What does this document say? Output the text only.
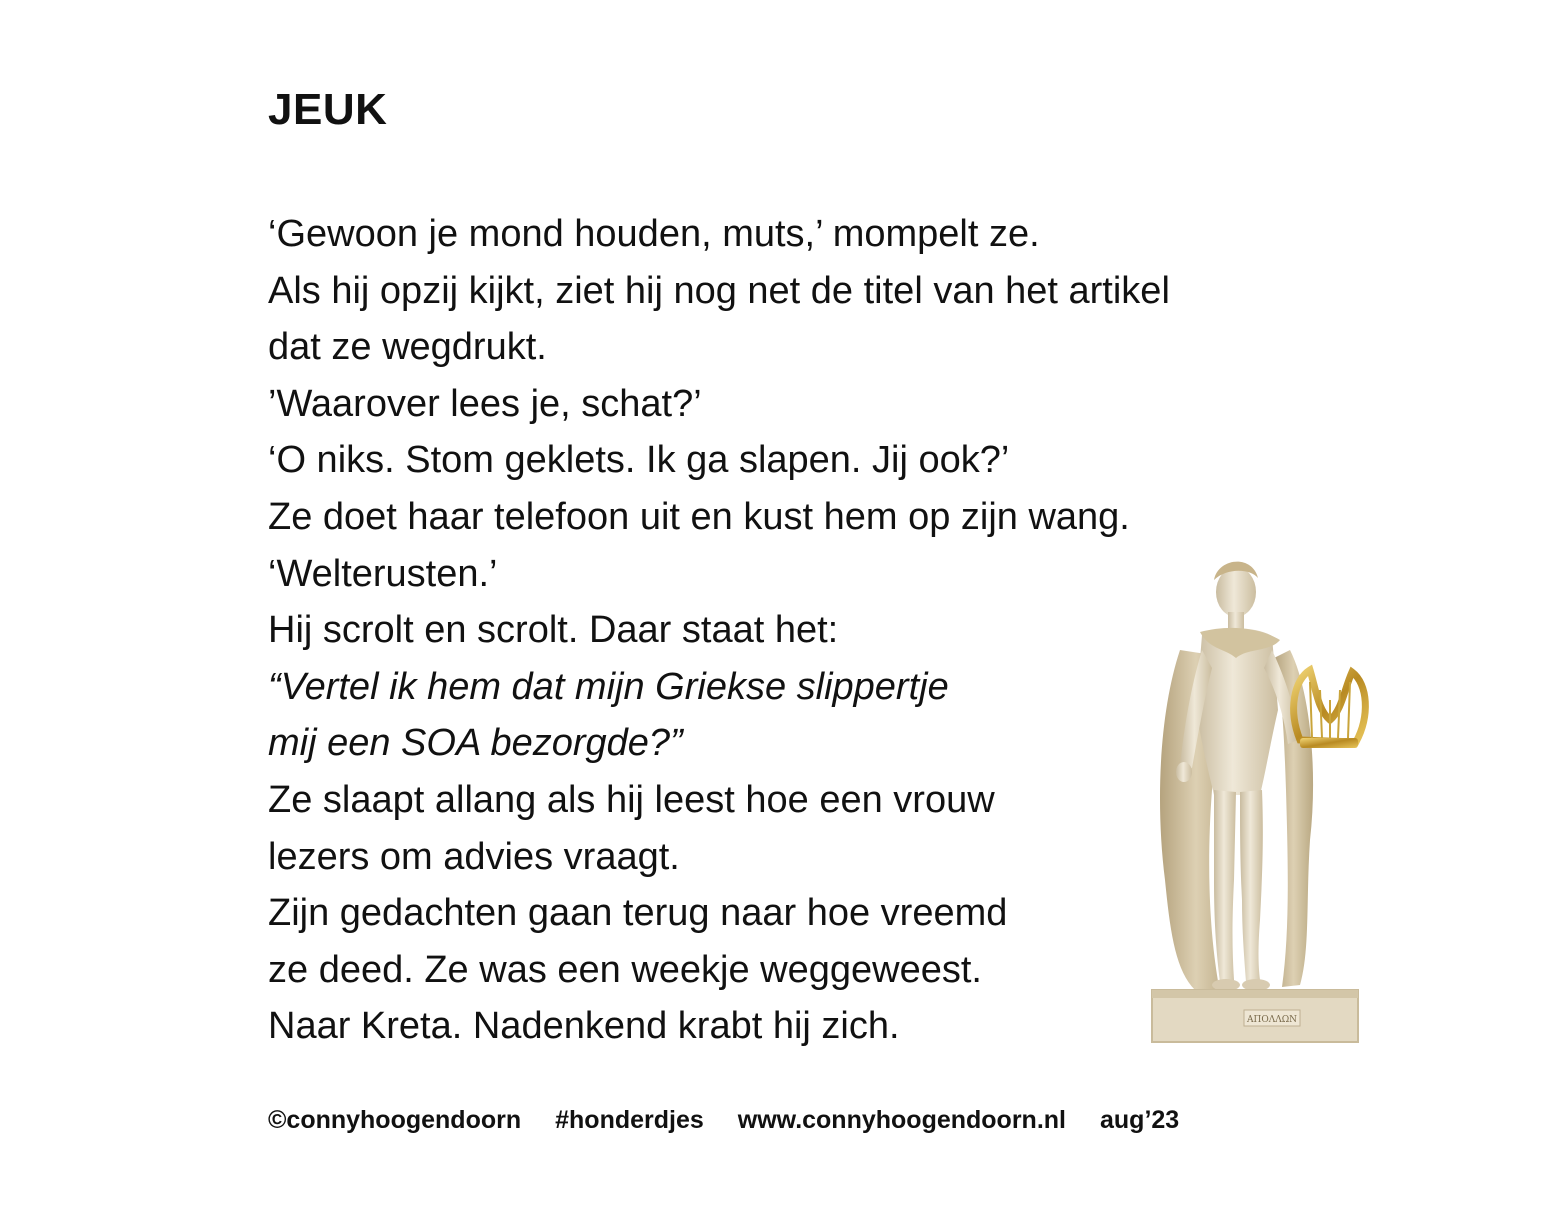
JEUK
‘Gewoon je mond houden, muts,’ mompelt ze.
Als hij opzij kijkt, ziet hij nog net de titel van het artikel
dat ze wegdrukt.
’Waarover lees je, schat?’
‘O niks. Stom geklets. Ik ga slapen. Jij ook?’
Ze doet haar telefoon uit en kust hem op zijn wang.
‘Welterusten.’
Hij scrolt en scrolt. Daar staat het:
“Vertel ik hem dat mijn Griekse slippertje
mij een SOA bezorgde?”
Ze slaapt allang als hij leest hoe een vrouw
lezers om advies vraagt.
Zijn gedachten gaan terug naar hoe vreemd
ze deed. Ze was een weekje weggeweest.
Naar Kreta. Nadenkend krabt hij zich.	AΠOΛΛΩN
©connyhoogendoorn #honderdjes www.connyhoogendoorn.nl aug’23
